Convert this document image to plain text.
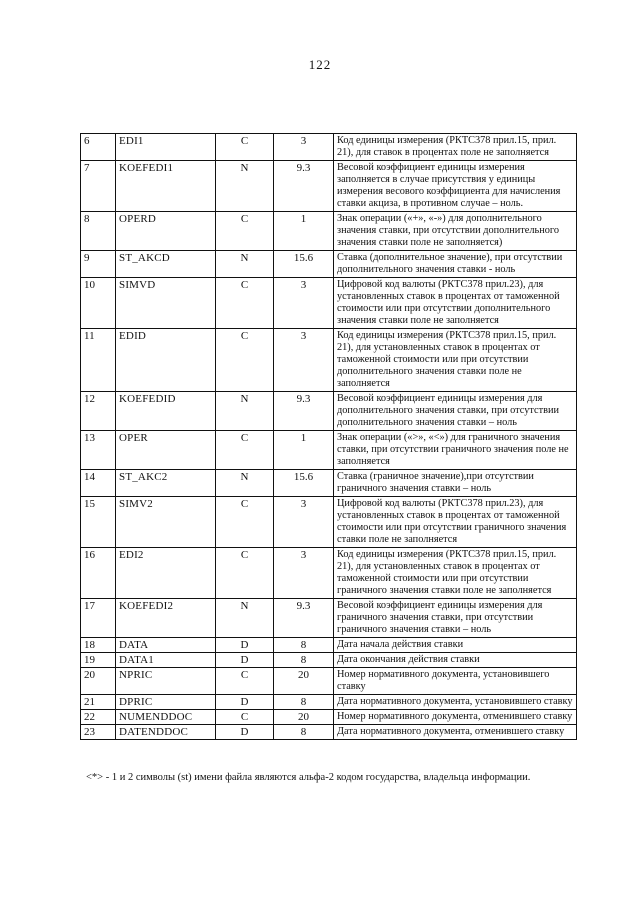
122
6	EDI1	C	3	Код единицы измерения (РКТС378 прил.15, прил. 21), для ставок в процентах поле не заполняется
7	KOEFEDI1	N	9.3	Весовой коэффициент единицы измерения заполняется в случае присутствия у единицы измерения весового коэффициента для начисления ставки акциза, в противном случае – ноль.
8	OPERD	C	1	Знак операции («+», «-») для дополнительного значения ставки, при отсутствии дополнительного значения ставки поле не заполняется)
9	ST_AKCD	N	15.6	Ставка (дополнительное значение), при отсутствии дополнительного значения ставки - ноль
10	SIMVD	C	3	Цифровой код валюты (РКТС378 прил.23), для установленных ставок в процентах от таможенной стоимости или при отсутствии дополнительного значения ставки поле не заполняется
11	EDID	C	3	Код единицы измерения (РКТС378 прил.15, прил. 21), для установленных ставок в процентах от таможенной стоимости или при отсутствии дополнительного значения ставки поле не заполняется
12	KOEFEDID	N	9.3	Весовой коэффициент единицы измерения для дополнительного значения ставки, при отсутствии дополнительного значения ставки – ноль
13	OPER	C	1	Знак операции («>», «<») для граничного значения ставки, при отсутствии граничного значения поле не заполняется
14	ST_AKC2	N	15.6	Ставка (граничное значение),при отсутствии граничного значения ставки – ноль
15	SIMV2	C	3	Цифровой код валюты (РКТС378 прил.23), для установленных ставок в процентах от таможенной стоимости или при отсутствии граничного значения ставки поле не заполняется
16	EDI2	C	3	Код единицы измерения (РКТС378 прил.15, прил. 21), для установленных ставок в процентах от таможенной стоимости или при отсутствии граничного значения ставки поле не заполняется
17	KOEFEDI2	N	9.3	Весовой коэффициент единицы измерения для граничного значения ставки, при отсутствии граничного значения ставки – ноль
18	DATA	D	8	Дата начала действия ставки
19	DATA1	D	8	Дата окончания действия ставки
20	NPRIC	C	20	Номер нормативного документа, установившего ставку
21	DPRIC	D	8	Дата нормативного документа, установившего ставку
22	NUMENDDOC	C	20	Номер нормативного документа, отменившего ставку
23	DATENDDOC	D	8	Дата нормативного документа, отменившего ставку
<*> - 1 и 2 символы (st) имени файла являются альфа-2 кодом государства, владельца информации.
